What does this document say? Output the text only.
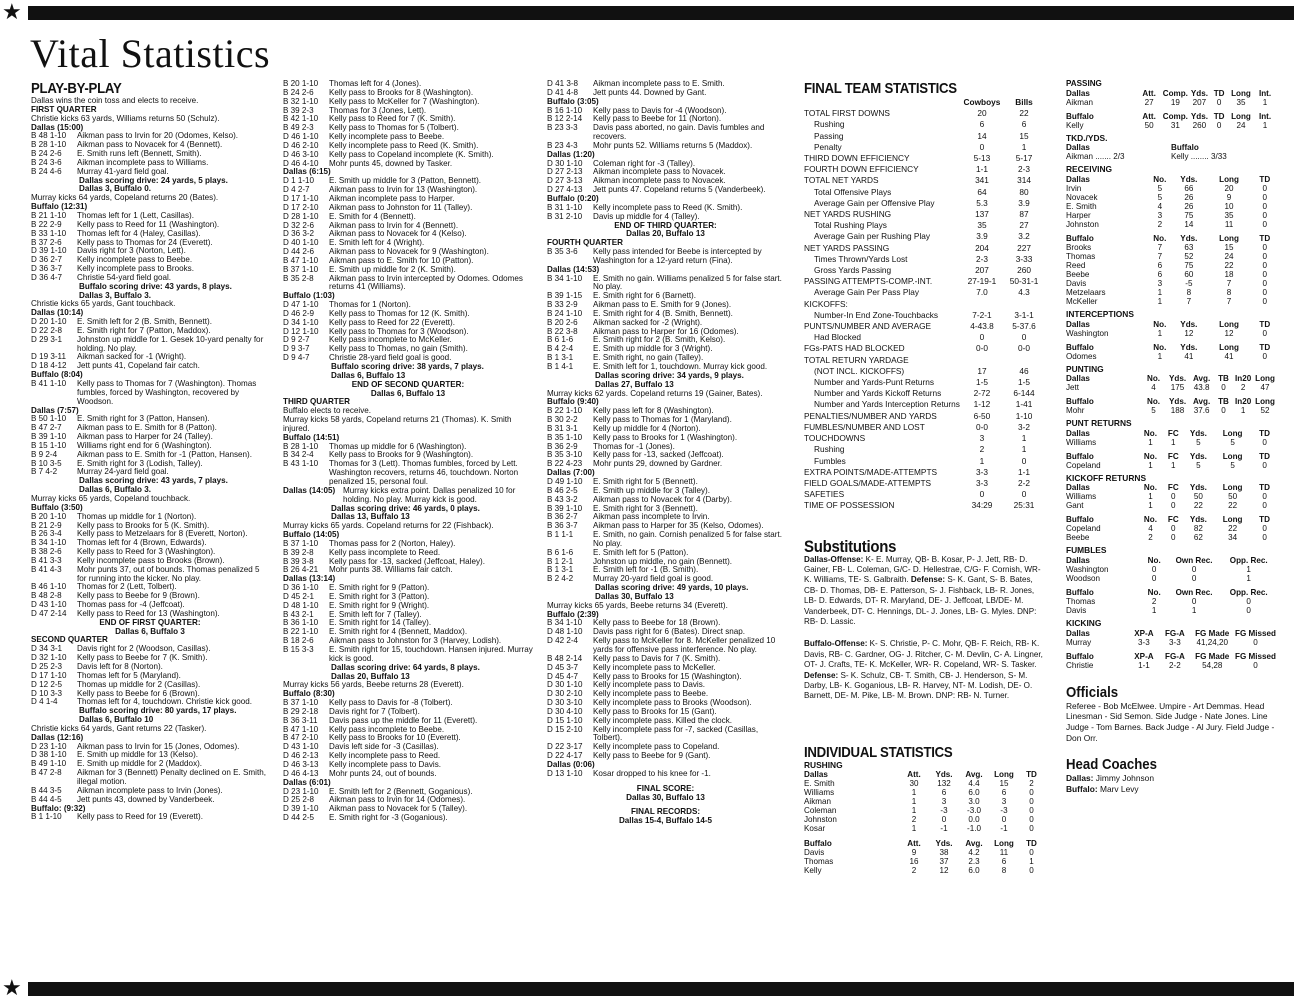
★
★
Vital Statistics
PLAY-BY-PLAY
Dallas wins the coin toss and elects to receive.
FIRST QUARTER
Christie kicks 63 yards, Williams returns 50 (Schulz).
Dallas (15:00)
B 48 1-10	Aikman pass to Irvin for 20 (Odomes, Kelso).
B 28 1-10	Aikman pass to Novacek for 4 (Bennett).
B 24 2-6	E. Smith runs left (Bennett, Smith).
B 24 3-6	Aikman incomplete pass to Williams.
B 24 4-6	Murray 41-yard field goal.
Dallas scoring drive: 24 yards, 5 plays.
Dallas 3, Buffalo 0.
Murray kicks 64 yards, Copeland returns 20 (Bates).
Buffalo (12:31)
B 21 1-10	Thomas left for 1 (Lett, Casillas).
B 22 2-9	Kelly pass to Reed for 11 (Washington).
B 33 1-10	Thomas left for 4 (Haley, Casillas).
B 37 2-6	Kelly pass to Thomas for 24 (Everett).
D 39 1-10	Davis right for 3 (Norton, Lett).
D 36 2-7	Kelly incomplete pass to Beebe.
D 36 3-7	Kelly incomplete pass to Brooks.
D 36 4-7	Christie 54-yard field goal.
Buffalo scoring drive: 43 yards, 8 plays.
Dallas 3, Buffalo 3.
Christie kicks 65 yards, Gant touchback.
Dallas (10:14)
D 20 1-10	E. Smith left for 2 (B. Smith, Bennett).
D 22 2-8	E. Smith right for 7 (Patton, Maddox).
D 29 3-1	Johnston up middle for 1. Gesek 10-yard penalty for holding. No play.
D 19 3-11	Aikman sacked for -1 (Wright).
D 18 4-12	Jett punts 41, Copeland fair catch.
Buffalo (8:04)
B 41 1-10	Kelly pass to Thomas for 7 (Washington). Thomas fumbles, forced by Washington, recovered by Woodson.
Dallas (7:57)
B 50 1-10	E. Smith right for 3 (Patton, Hansen).
B 47 2-7	Aikman pass to E. Smith for 8 (Patton).
B 39 1-10	Aikman pass to Harper for 24 (Talley).
B 15 1-10	Williams right end for 6 (Washington).
B 9 2-4	Aikman pass to E. Smith for -1 (Patton, Hansen).
B 10 3-5	E. Smith right for 3 (Lodish, Talley).
B 7 4-2	Murray 24-yard field goal.
Dallas scoring drive: 43 yards, 7 plays.
Dallas 6, Buffalo 3.
Murray kicks 65 yards, Copeland touchback.
Buffalo (3:50)
B 20 1-10	Thomas up middle for 1 (Norton).
B 21 2-9	Kelly pass to Brooks for 5 (K. Smith).
B 26 3-4	Kelly pass to Metzelaars for 8 (Everett, Norton).
B 34 1-10	Thomas left for 4 (Brown, Edwards).
B 38 2-6	Kelly pass to Reed for 3 (Washington).
B 41 3-3	Kelly incomplete pass to Brooks (Brown).
B 41 4-3	Mohr punts 37, out of bounds. Thomas penalized 5 for running into the kicker. No play.
B 46 1-10	Thomas for 2 (Lett, Tolbert).
B 48 2-8	Kelly pass to Beebe for 9 (Brown).
D 43 1-10	Thomas pass for -4 (Jeffcoat).
D 47 2-14	Kelly pass to Reed for 13 (Washington).
END OF FIRST QUARTER:
Dallas 6, Buffalo 3
SECOND QUARTER
D 34 3-1	Davis right for 2 (Woodson, Casillas).
D 32 1-10	Kelly pass to Beebe for 7 (K. Smith).
D 25 2-3	Davis left for 8 (Norton).
D 17 1-10	Thomas left for 5 (Maryland).
D 12 2-5	Thomas up middle for 2 (Casillas).
D 10 3-3	Kelly pass to Beebe for 6 (Brown).
D 4 1-4	Thomas left for 4, touchdown. Christie kick good.
Buffalo scoring drive: 80 yards, 17 plays.
Dallas 6, Buffalo 10
Christie kicks 64 yards, Gant returns 22 (Tasker).
Dallas (12:16)
D 23 1-10	Aikman pass to Irvin for 15 (Jones, Odomes).
D 38 1-10	E. Smith up middle for 13 (Kelso).
B 49 1-10	E. Smith up middle for 2 (Maddox).
B 47 2-8	Aikman for 3 (Bennett) Penalty declined on E. Smith, illegal motion.
B 44 3-5	Aikman incomplete pass to Irvin (Jones).
B 44 4-5	Jett punts 43, downed by Vanderbeek.
Buffalo: (9:32)
B 1 1-10	Kelly pass to Reed for 19 (Everett).
B 20 1-10	Thomas left for 4 (Jones).
B 24 2-6	Kelly pass to Brooks for 8 (Washington).
B 32 1-10	Kelly pass to McKeller for 7 (Washington).
B 39 2-3	Thomas for 3 (Jones, Lett).
B 42 1-10	Kelly pass to Reed for 7 (K. Smith).
B 49 2-3	Kelly pass to Thomas for 5 (Tolbert).
D 46 1-10	Kelly incomplete pass to Beebe.
D 46 2-10	Kelly incomplete pass to Reed (K. Smith).
D 46 3-10	Kelly pass to Copeland incomplete (K. Smith).
D 46 4-10	Mohr punts 45, downed by Tasker.
Dallas (6:15)
D 1 1-10	E. Smith up middle for 3 (Patton, Bennett).
D 4 2-7	Aikman pass to Irvin for 13 (Washington).
D 17 1-10	Aikman incomplete pass to Harper.
D 17 2-10	Aikman pass to Johnston for 11 (Talley).
D 28 1-10	E. Smith for 4 (Bennett).
D 32 2-6	Aikman pass to Irvin for 4 (Bennett).
D 36 3-2	Aikman pass to Novacek for 4 (Kelso).
D 40 1-10	E. Smith left for 4 (Wright).
D 44 2-6	Aikman pass to Novacek for 9 (Washington).
B 47 1-10	Aikman pass to E. Smith for 10 (Patton).
B 37 1-10	E. Smith up middle for 2 (K. Smith).
B 35 2-8	Aikman pass to Irvin intercepted by Odomes. Odomes returns 41 (Williams).
Buffalo (1:03)
D 47 1-10	Thomas for 1 (Norton).
D 46 2-9	Kelly pass to Thomas for 12 (K. Smith).
D 34 1-10	Kelly pass to Reed for 22 (Everett).
D 12 1-10	Kelly pass to Thomas for 3 (Woodson).
D 9 2-7	Kelly pass incomplete to McKeller.
D 9 3-7	Kelly pass to Thomas, no gain (Smith).
D 9 4-7	Christie 28-yard field goal is good.
Buffalo scoring drive: 38 yards, 7 plays.
Dallas 6, Buffalo 13
END OF SECOND QUARTER:
Dallas 6, Buffalo 13
THIRD QUARTER
Buffalo elects to receive.
Murray kicks 58 yards, Copeland returns 21 (Thomas). K. Smith injured.
Buffalo (14:51)
B 28 1-10	Thomas up middle for 6 (Washington).
B 34 2-4	Kelly pass to Brooks for 9 (Washington).
B 43 1-10	Thomas for 3 (Lett). Thomas fumbles, forced by Lett. Washington recovers, returns 46, touchdown. Norton penalized 15, personal foul.
Dallas (14:05) Murray kicks extra point. Dallas penalized 10 for holding. No play. Murray kick is good.
Dallas scoring drive: 46 yards, 0 plays.
Dallas 13, Buffalo 13
Murray kicks 65 yards. Copeland returns for 22 (Fishback).
Buffalo (14:05)
B 37 1-10	Thomas pass for 2 (Norton, Haley).
B 39 2-8	Kelly pass incomplete to Reed.
B 39 3-8	Kelly pass for -13, sacked (Jeffcoat, Haley).
B 26 4-21	Mohr punts 38. Williams fair catch.
Dallas (13:14)
D 36 1-10	E. Smith right for 9 (Patton).
D 45 2-1	E. Smith right for 3 (Patton).
D 48 1-10	E. Smith right for 9 (Wright).
B 43 2-1	E. Smith left for 7 (Talley).
B 36 1-10	E. Smith right for 14 (Talley).
B 22 1-10	E. Smith right for 4 (Bennett, Maddox).
B 18 2-6	Aikman pass to Johnston for 3 (Harvey, Lodish).
B 15 3-3	E. Smith right for 15, touchdown. Hansen injured. Murray kick is good.
Dallas scoring drive: 64 yards, 8 plays.
Dallas 20, Buffalo 13
Murray kicks 56 yards, Beebe returns 28 (Everett).
Buffalo (8:30)
B 37 1-10	Kelly pass to Davis for -8 (Tolbert).
B 29 2-18	Davis right for 7 (Tolbert).
B 36 3-11	Davis pass up the middle for 11 (Everett).
B 47 1-10	Kelly pass incomplete to Beebe.
B 47 2-10	Kelly pass to Brooks for 10 (Everett).
D 43 1-10	Davis left side for -3 (Casillas).
D 46 2-13	Kelly incomplete pass to Reed.
D 46 3-13	Kelly incomplete pass to Davis.
D 46 4-13	Mohr punts 24, out of bounds.
Dallas (6:01)
D 23 1-10	E. Smith left for 2 (Bennett, Goganious).
D 25 2-8	Aikman pass to Irvin for 14 (Odomes).
D 39 1-10	Aikman pass to Novacek for 5 (Talley).
D 44 2-5	E. Smith right for -3 (Goganious).
D 41 3-8	Aikman incomplete pass to E. Smith.
D 41 4-8	Jett punts 44. Downed by Gant.
Buffalo (3:05)
B 16 1-10	Kelly pass to Davis for -4 (Woodson).
B 12 2-14	Kelly pass to Beebe for 11 (Norton).
B 23 3-3	Davis pass aborted, no gain. Davis fumbles and recovers.
B 23 4-3	Mohr punts 52. Williams returns 5 (Maddox).
Dallas (1:20)
D 30 1-10	Coleman right for -3 (Talley).
D 27 2-13	Aikman incomplete pass to Novacek.
D 27 3-13	Aikman incomplete pass to Novacek.
D 27 4-13	Jett punts 47. Copeland returns 5 (Vanderbeek).
Buffalo (0:20)
B 31 1-10	Kelly incomplete pass to Reed (K. Smith).
B 31 2-10	Davis up middle for 4 (Talley).
END OF THIRD QUARTER:
Dallas 20, Buffalo 13
FOURTH QUARTER
B 35 3-6	Kelly pass intended for Beebe is intercepted by Washington for a 12-yard return (Fina).
Dallas (14:53)
B 34 1-10	E. Smith no gain. Williams penalized 5 for false start. No play.
B 39 1-15	E. Smith right for 6 (Barnett).
B 33 2-9	Aikman pass to E. Smith for 9 (Jones).
B 24 1-10	E. Smith right for 4 (B. Smith, Bennett).
B 20 2-6	Aikman sacked for -2 (Wright).
B 22 3-8	Aikman pass to Harper for 16 (Odomes).
B 6 1-6	E. Smith right for 2 (B. Smith, Kelso).
B 4 2-4	E. Smith up middle for 3 (Wright).
B 1 3-1	E. Smith right, no gain (Talley).
B 1 4-1	E. Smith left for 1, touchdown. Murray kick good.
Dallas scoring drive: 34 yards, 9 plays.
Dallas 27, Buffalo 13
Murray kicks 62 yards. Copeland returns 19 (Gainer, Bates).
Buffalo (9:40)
B 22 1-10	Kelly pass left for 8 (Washington).
B 30 2-2	Kelly pass to Thomas for 1 (Maryland).
B 31 3-1	Kelly up middle for 4 (Norton).
B 35 1-10	Kelly pass to Brooks for 1 (Washington).
B 36 2-9	Thomas for -1 (Jones).
B 35 3-10	Kelly pass for -13, sacked (Jeffcoat).
B 22 4-23	Mohr punts 29, downed by Gardner.
Dallas (7:00)
D 49 1-10	E. Smith right for 5 (Bennett).
B 46 2-5	E. Smith up middle for 3 (Talley).
B 43 3-2	Aikman pass to Novacek for 4 (Darby).
B 39 1-10	E. Smith right for 3 (Bennett).
B 36 2-7	Aikman pass incomplete to Irvin.
B 36 3-7	Aikman pass to Harper for 35 (Kelso, Odomes).
B 1 1-1	E. Smith, no gain. Cornish penalized 5 for false start. No play.
B 6 1-6	E. Smith left for 5 (Patton).
B 1 2-1	Johnston up middle, no gain (Bennett).
B 1 3-1	E. Smith left for -1 (B. Smith).
B 2 4-2	Murray 20-yard field goal is good.
Dallas scoring drive: 49 yards, 10 plays.
Dallas 30, Buffalo 13
Murray kicks 65 yards, Beebe returns 34 (Everett).
Buffalo (2:39)
B 34 1-10	Kelly pass to Beebe for 18 (Brown).
D 48 1-10	Davis pass right for 6 (Bates). Direct snap.
D 42 2-4	Kelly pass to McKeller for 8. McKeller penalized 10 yards for offensive pass interference. No play.
B 48 2-14	Kelly pass to Davis for 7 (K. Smith).
D 45 3-7	Kelly incomplete pass to McKeller.
D 45 4-7	Kelly pass to Brooks for 15 (Washington).
D 30 1-10	Kelly incomplete pass to Davis.
D 30 2-10	Kelly incomplete pass to Beebe.
D 30 3-10	Kelly incomplete pass to Brooks (Woodson).
D 30 4-10	Kelly pass to Brooks for 15 (Gant).
D 15 1-10	Kelly incomplete pass. Killed the clock.
D 15 2-10	Kelly incomplete pass for -7, sacked (Casillas, Tolbert).
D 22 3-17	Kelly incomplete pass to Copeland.
D 22 4-17	Kelly pass to Beebe for 9 (Gant).
Dallas (0:06)
D 13 1-10	Kosar dropped to his knee for -1.
FINAL SCORE:
Dallas 30, Buffalo 13
FINAL RECORDS:
Dallas 15-4, Buffalo 14-5
FINAL TEAM STATISTICS
	Cowboys	Bills
TOTAL FIRST DOWNS	20	22
Rushing	6	6
Passing	14	15
Penalty	0	1
THIRD DOWN EFFICIENCY	5-13	5-17
FOURTH DOWN EFFICIENCY	1-1	2-3
TOTAL NET YARDS	341	314
Total Offensive Plays	64	80
Average Gain per Offensive Play	5.3	3.9
NET YARDS RUSHING	137	87
Total Rushing Plays	35	27
Average Gain per Rushing Play	3.9	3.2
NET YARDS PASSING	204	227
Times Thrown/Yards Lost	2-3	3-33
Gross Yards Passing	207	260
PASSING ATTEMPTS-COMP.-INT.	27-19-1	50-31-1
Average Gain Per Pass Play	7.0	4.3
KICKOFFS:		
Number-In End Zone-Touchbacks	7-2-1	3-1-1
PUNTS/NUMBER AND AVERAGE	4-43.8	5-37.6
Had Blocked	0	0
FGs-PATS HAD BLOCKED	0-0	0-0
TOTAL RETURN YARDAGE		
(NOT INCL. KICKOFFS)	17	46
Number and Yards-Punt Returns	1-5	1-5
Number and Yards Kickoff Returns	2-72	6-144
Number and Yards Interception Returns	1-12	1-41
PENALTIES/NUMBER AND YARDS	6-50	1-10
FUMBLES/NUMBER AND LOST	0-0	3-2
TOUCHDOWNS	3	1
Rushing	2	1
Fumbles	1	0
EXTRA POINTS/MADE-ATTEMPTS	3-3	1-1
FIELD GOALS/MADE-ATTEMPTS	3-3	2-2
SAFETIES	0	0
TIME OF POSSESSION	34:29	25:31
Substitutions
Dallas-Offense: K- E. Murray, QB- B. Kosar, P- J. Jett, RB- D. Gainer, FB- L. Coleman, G/C- D. Hellestrae, C/G- F. Cornish, WR- K. Williams, TE- S. Galbraith. Defense: S- K. Gant, S- B. Bates, CB- D. Thomas, DB- E. Patterson, S- J. Fishback, LB- R. Jones, LB- D. Edwards, DT- R. Maryland, DE- J. Jeffcoat, LB/DE- M. Vanderbeek, DT- C. Hennings, DL- J. Jones, LB- G. Myles. DNP: RB- D. Lassic.
Buffalo-Offense: K- S. Christie, P- C. Mohr, QB- F. Reich, RB- K. Davis, RB- C. Gardner, OG- J. Ritcher, C- M. Devlin, C- A. Lingner, OT- J. Crafts, TE- K. McKeller, WR- R. Copeland, WR- S. Tasker. Defense: S- K. Schulz, CB- T. Smith, CB- J. Henderson, S- M. Darby, LB- K. Goganious, LB- R. Harvey, NT- M. Lodish, DE- O. Barnett, DE- M. Pike, LB- M. Brown. DNP: RB- N. Turner.
INDIVIDUAL STATISTICS
RUSHING
Dallas	Att.	Yds.	Avg.	Long	TD
E. Smith	30	132	4.4	15	2
Williams	1	6	6.0	6	0
Aikman	1	3	3.0	3	0
Coleman	1	-3	-3.0	-3	0
Johnston	2	0	0.0	0	0
Kosar	1	-1	-1.0	-1	0
Buffalo	Att.	Yds.	Avg.	Long	TD
Davis	9	38	4.2	11	0
Thomas	16	37	2.3	6	1
Kelly	2	12	6.0	8	0
PASSING
Dallas	Att.	Comp.	Yds.	TD	Long	Int.
Aikman	27	19	207	0	35	1
Buffalo	Att.	Comp.	Yds.	TD	Long	Int.
Kelly	50	31	260	0	24	1
TKD./YDS.
Dallas	Buffalo
Aikman ....... 2/3	Kelly ........ 3/33
RECEIVING
Dallas	No.	Yds.	Long	TD
Irvin	5	66	20	0
Novacek	5	26	9	0
E. Smith	4	26	10	0
Harper	3	75	35	0
Johnston	2	14	11	0
Buffalo	No.	Yds.	Long	TD
Brooks	7	63	15	0
Thomas	7	52	24	0
Reed	6	75	22	0
Beebe	6	60	18	0
Davis	3	-5	7	0
Metzelaars	1	8	8	0
McKeller	1	7	7	0
INTERCEPTIONS
Dallas	No.	Yds.	Long	TD
Washington	1	12	12	0
Buffalo	No.	Yds.	Long	TD
Odomes	1	41	41	0
PUNTING
Dallas	No.	Yds.	Avg.	TB	In20	Long
Jett	4	175	43.8	0	2	47
Buffalo	No.	Yds.	Avg.	TB	In20	Long
Mohr	5	188	37.6	0	1	52
PUNT RETURNS
Dallas	No.	FC	Yds.	Long	TD
Williams	1	1	5	5	0
Buffalo	No.	FC	Yds.	Long	TD
Copeland	1	1	5	5	0
KICKOFF RETURNS
Dallas	No.	FC	Yds.	Long	TD
Williams	1	0	50	50	0
Gant	1	0	22	22	0
Buffalo	No.	FC	Yds.	Long	TD
Copeland	4	0	82	22	0
Beebe	2	0	62	34	0
FUMBLES
Dallas	No.	Own Rec.	Opp. Rec.
Washington	0	0	1
Woodson	0	0	1
Buffalo	No.	Own Rec.	Opp. Rec.
Thomas	2	0	0
Davis	1	1	0
KICKING
Dallas	XP-A	FG-A	FG Made	FG Missed
Murray	3-3	3-3	41,24,20	0
Buffalo	XP-A	FG-A	FG Made	FG Missed
Christie	1-1	2-2	54,28	0
Officials
Referee - Bob McElwee. Umpire - Art Demmas. Head Linesman - Sid Semon. Side Judge - Nate Jones. Line Judge - Tom Barnes. Back Judge - Al Jury. Field Judge - Don Orr.
Head Coaches
Dallas: Jimmy Johnson
Buffalo: Marv Levy
